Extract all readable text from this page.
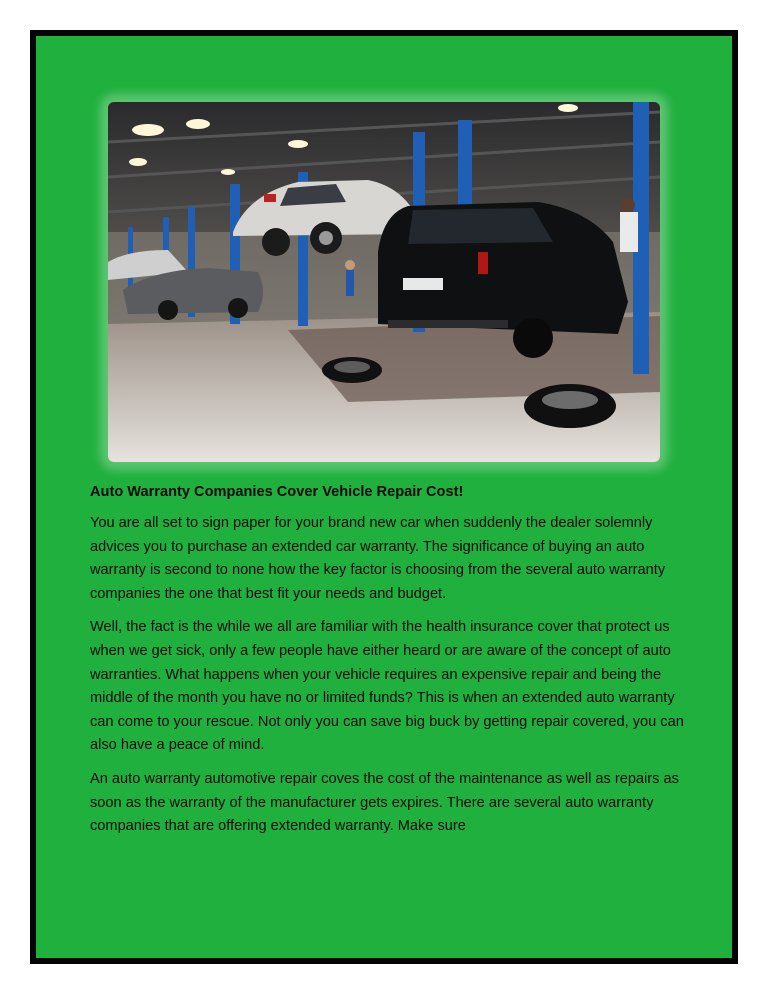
Auto Warranty Companies Cover Vehicle Repair Cost!

You are all set to sign paper for your brand new car when suddenly the dealer solemnly advices you to purchase an extended car warranty. The significance of buying an auto warranty is second to none how the key factor is choosing from the several auto warranty companies the one that best fit your needs and budget.

Well, the fact is the while we all are familiar with the health insurance cover that protect us when we get sick, only a few people have either heard or are aware of the concept of auto warranties. What happens when your vehicle requires an expensive repair and being the middle of the month you have no or limited funds? This is when an extended auto warranty can come to your rescue. Not only you can save big buck by getting repair covered, you can also have a peace of mind.

An auto warranty automotive repair coves the cost of the maintenance as well as repairs as soon as the warranty of the manufacturer gets expires. There are several auto warranty companies that are offering extended warranty. Make sure
